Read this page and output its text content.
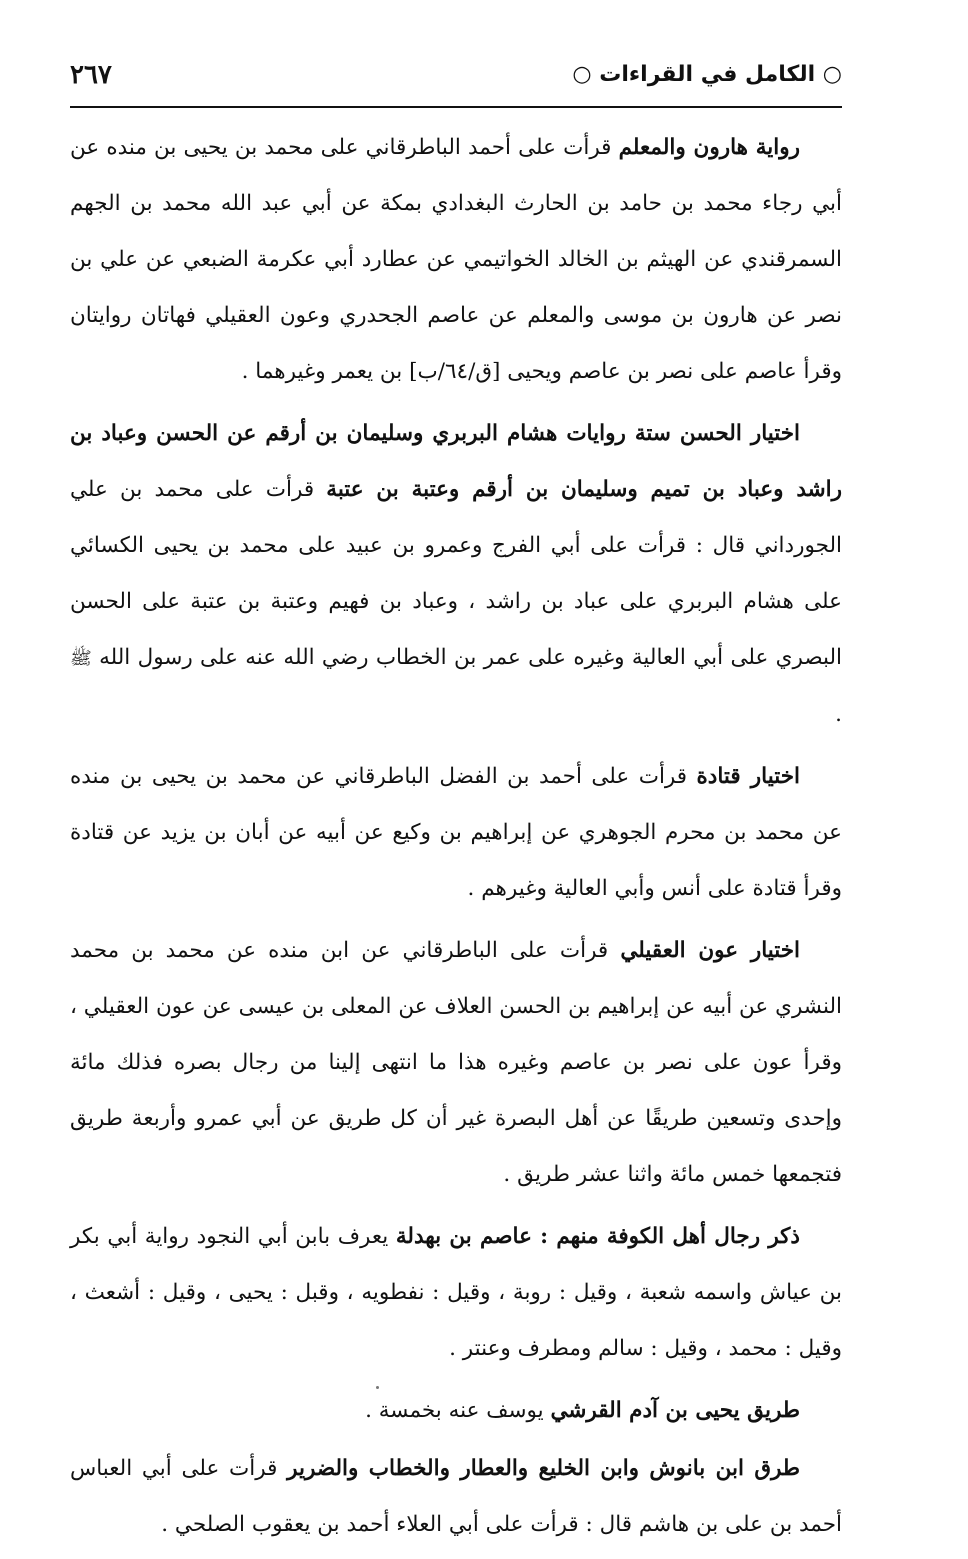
○ الكامل في القراءات ○
٢٦٧

رواية هارون والمعلم قرأت على أحمد الباطرقاني على محمد بن يحيى بن منده عن أبي رجاء محمد بن حامد بن الحارث البغدادي بمكة عن أبي عبد الله محمد بن الجهم السمرقندي عن الهيثم بن الخالد الخواتيمي عن عطارد أبي عكرمة الضبعي عن علي بن نصر عن هارون بن موسى والمعلم عن عاصم الجحدري وعون العقيلي فهاتان روايتان وقرأ عاصم على نصر بن عاصم ويحيى [ق/٦٤/ب] بن يعمر وغيرهما .

اختيار الحسن ستة روايات هشام البربري وسليمان بن أرقم عن الحسن وعباد بن راشد وعباد بن تميم وسليمان بن أرقم وعتبة بن عتبة قرأت على محمد بن علي الجورداني قال : قرأت على أبي الفرج وعمرو بن عبيد على محمد بن يحيى الكسائي على هشام البربري على عباد بن راشد ، وعباد بن فهيم وعتبة بن عتبة على الحسن البصري على أبي العالية وغيره على عمر بن الخطاب رضي الله عنه على رسول الله ﷺ .

اختيار قتادة قرأت على أحمد بن الفضل الباطرقاني عن محمد بن يحيى بن منده عن محمد بن محرم الجوهري عن إبراهيم بن وكيع عن أبيه عن أبان بن يزيد عن قتادة وقرأ قتادة على أنس وأبي العالية وغيرهم .

اختيار عون العقيلي قرأت على الباطرقاني عن ابن منده عن محمد بن محمد النشري عن أبيه عن إبراهيم بن الحسن العلاف عن المعلى بن عيسى عن عون العقيلي ، وقرأ عون على نصر بن عاصم وغيره هذا ما انتهى إلينا من رجال بصره فذلك مائة وإحدى وتسعين طريقًا عن أهل البصرة غير أن كل طريق عن أبي عمرو وأربعة طريق فتجمعها خمس مائة واثنا عشر طريق .

ذكر رجال أهل الكوفة منهم : عاصم بن بهدلة يعرف بابن أبي النجود رواية أبي بكر بن عياش واسمه شعبة ، وقيل : روبة ، وقيل : نفطويه ، وقبل : يحيى ، وقيل : أشعث ، وقيل : محمد ، وقيل : سالم ومطرف وعنتر .

طريق يحيى بن آدم القرشي يوسف عنه بخمسة .

طرق ابن بانوش وابن الخليع والعطار والخطاب والضرير قرأت على أبي العباس أحمد بن على بن هاشم قال : قرأت على أبي العلاء أحمد بن يعقوب الصلحي .
